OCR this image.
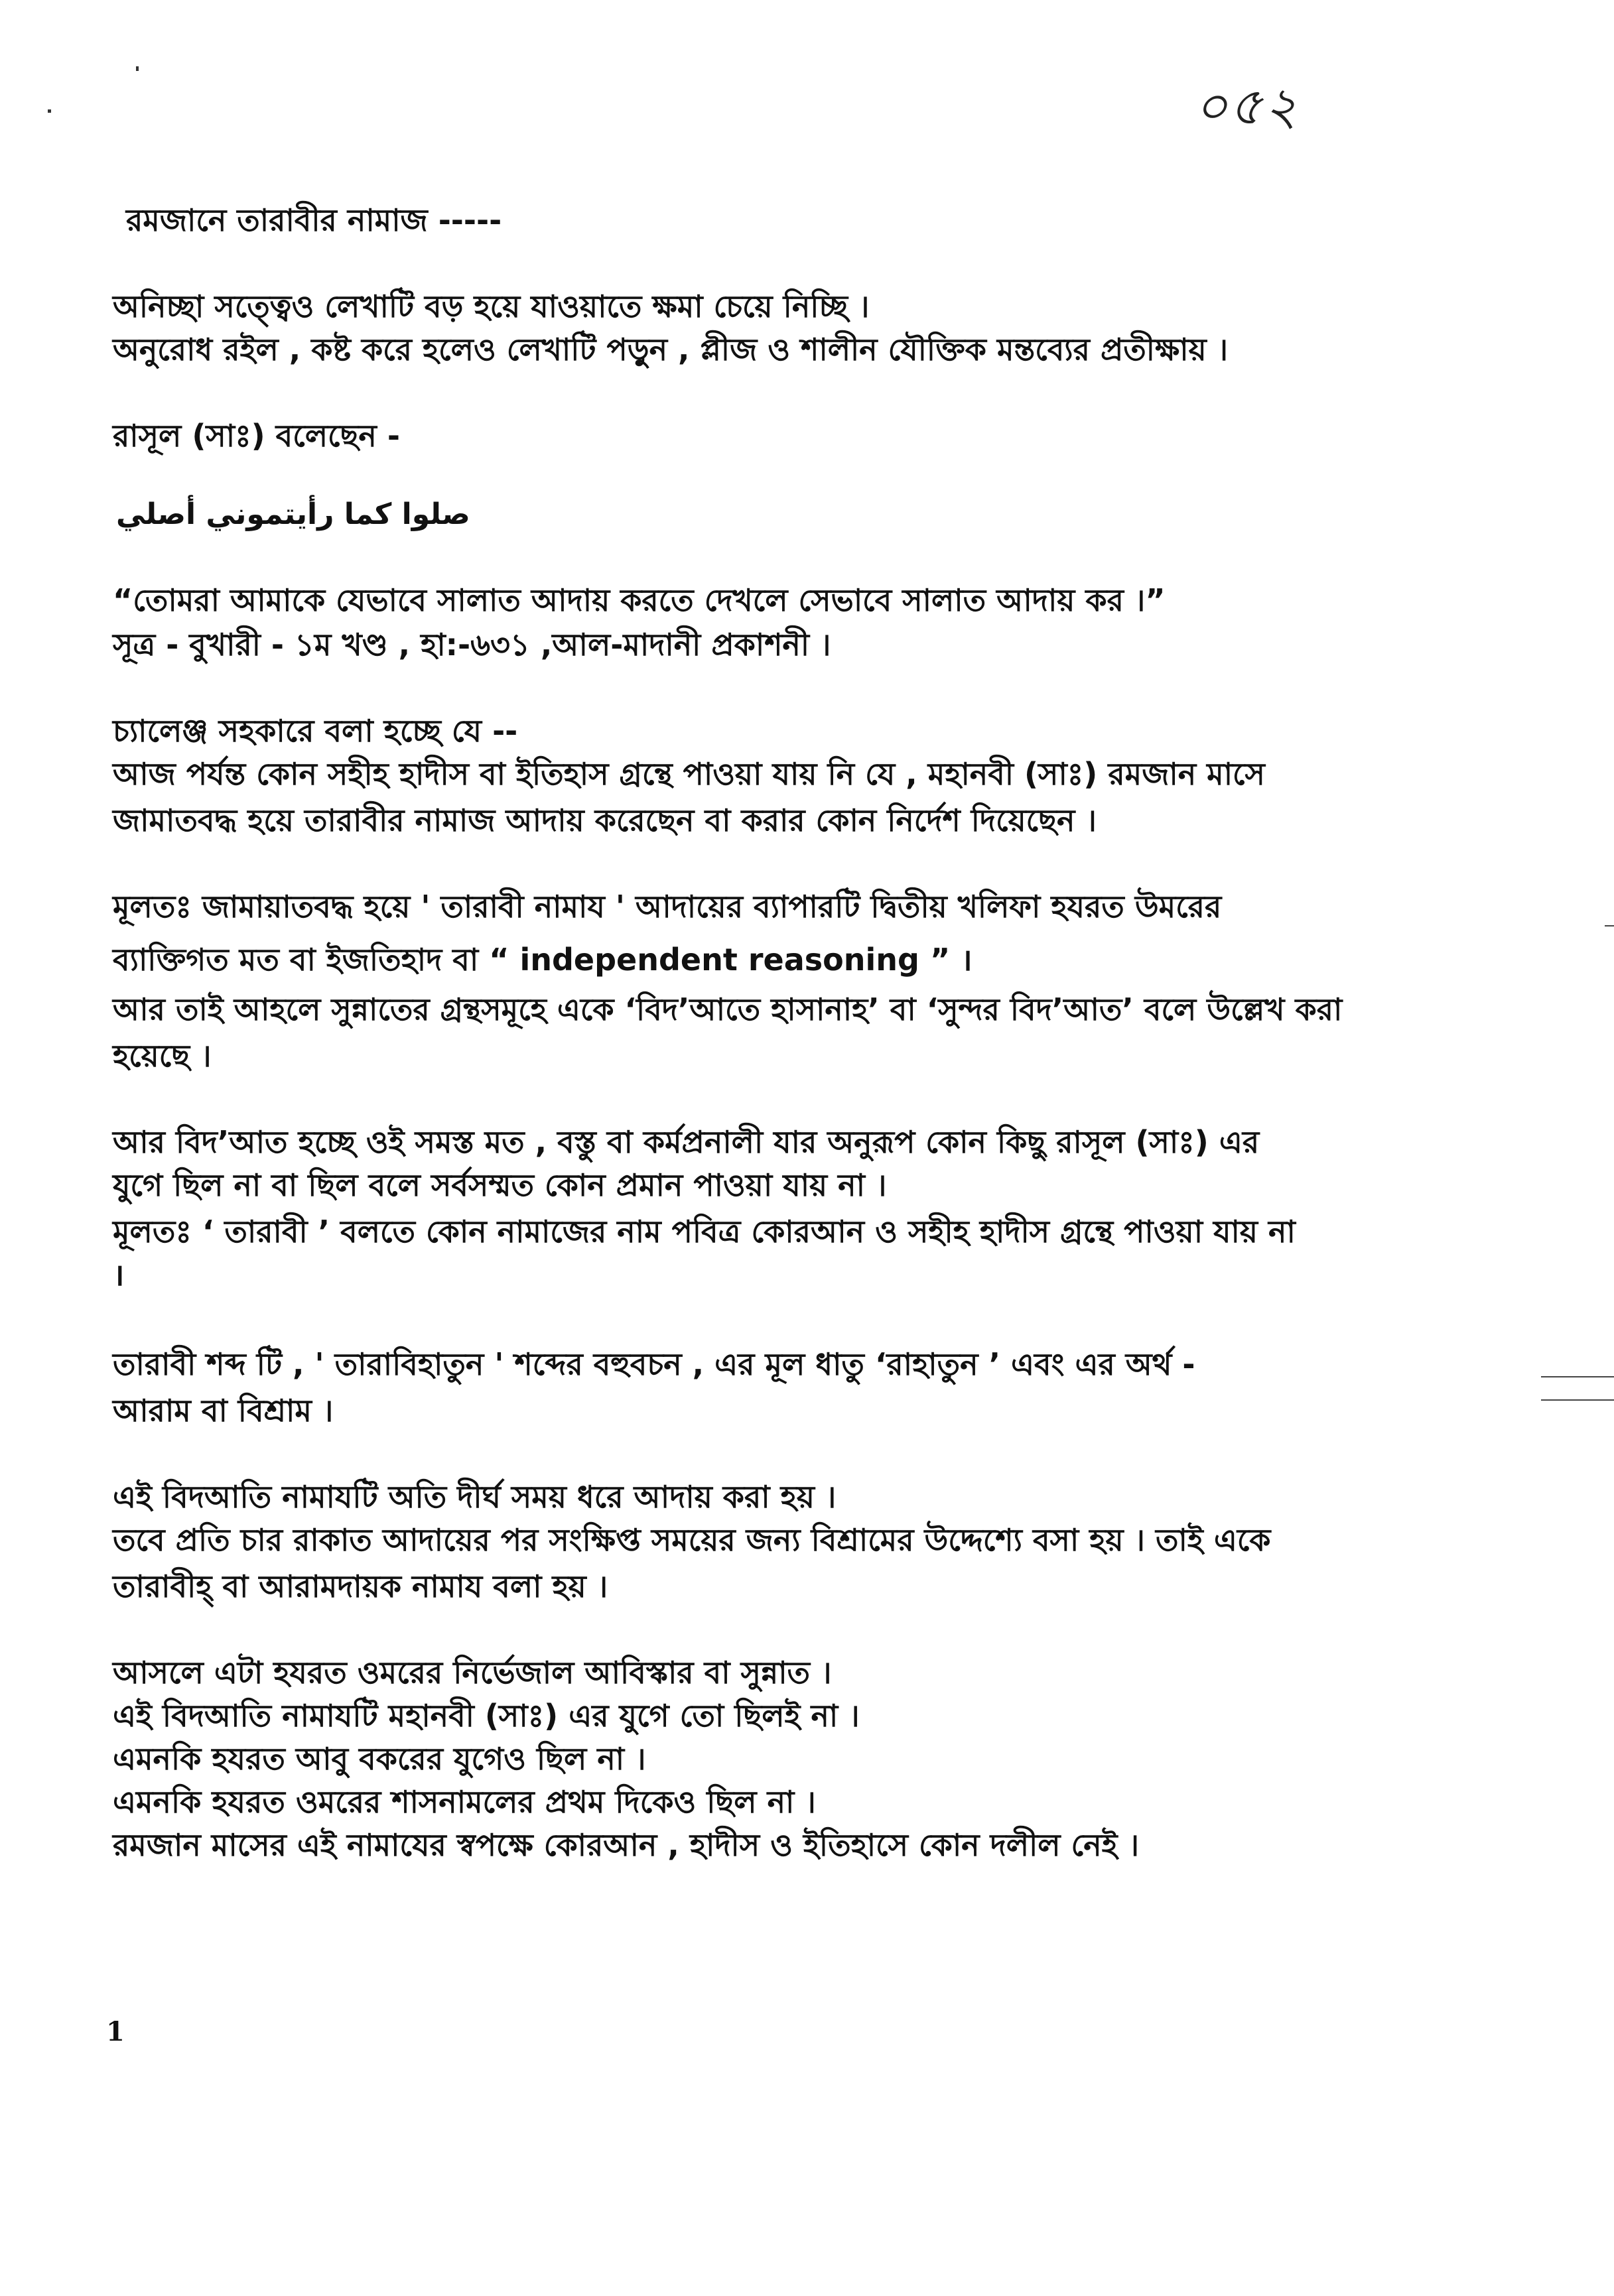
০৫২
রমজানে তারাবীর নামাজ -----
অনিচ্ছা সত্ত্বেও লেখাটি বড় হয়ে যাওয়াতে ক্ষমা চেয়ে নিচ্ছি ।
অনুরোধ রইল , কষ্ট করে হলেও লেখাটি পড়ুন , প্লীজ ও শালীন যৌক্তিক মন্তব্যের প্রতীক্ষায় ।
রাসূল (সাঃ) বলেছেন -
صلوا كما رأيتموني أصلي
“তোমরা আমাকে যেভাবে সালাত আদায় করতে দেখলে সেভাবে সালাত আদায় কর ।”
সূত্র - বুখারী - ১ম খণ্ড , হা:-৬৩১ ,আল-মাদানী প্রকাশনী ।
চ্যালেঞ্জ সহকারে বলা হচ্ছে যে --
আজ পর্যন্ত কোন সহীহ হাদীস বা ইতিহাস গ্রন্থে পাওয়া যায় নি যে , মহানবী (সাঃ) রমজান মাসে
জামাতবদ্ধ হয়ে তারাবীর নামাজ আদায় করেছেন বা করার কোন নির্দেশ দিয়েছেন ।
মূলতঃ জামায়াতবদ্ধ হয়ে ' তারাবী নামায ' আদায়ের ব্যাপারটি দ্বিতীয় খলিফা হযরত উমরের
ব্যাক্তিগত মত বা ইজতিহাদ বা “ independent reasoning ” ।
আর তাই আহলে সুন্নাতের গ্রন্থসমূহে একে ‘বিদ’আতে হাসানাহ’ বা ‘সুন্দর বিদ’আত’ বলে উল্লেখ করা
হয়েছে ।
আর বিদ’আত হচ্ছে ওই সমস্ত মত , বস্তু বা কর্মপ্রনালী যার অনুরূপ কোন কিছু রাসূল (সাঃ) এর
যুগে ছিল না বা ছিল বলে সর্বসম্মত কোন প্রমান পাওয়া যায় না ।
মূলতঃ ‘ তারাবী ’ বলতে কোন নামাজের নাম পবিত্র কোরআন ও সহীহ হাদীস গ্রন্থে পাওয়া যায় না
।
তারাবী শব্দ টি , ' তারাবিহাতুন ' শব্দের বহুবচন , এর মূল ধাতু ‘রাহাতুন ’ এবং এর অর্থ -
আরাম বা বিশ্রাম ।
এই বিদআতি নামাযটি অতি দীর্ঘ সময় ধরে আদায় করা হয় ।
তবে প্রতি চার রাকাত আদায়ের পর সংক্ষিপ্ত সময়ের জন্য বিশ্রামের উদ্দেশ্যে বসা হয় । তাই একে
তারাবীহ্‌ বা আরামদায়ক নামায বলা হয় ।
আসলে এটা হযরত ওমরের নির্ভেজাল আবিস্কার বা সুন্নাত ।
এই বিদআতি নামাযটি মহানবী (সাঃ) এর যুগে তো ছিলই না ।
এমনকি হযরত আবু বকরের যুগেও ছিল না ।
এমনকি হযরত ওমরের শাসনামলের প্রথম দিকেও ছিল না ।
রমজান মাসের এই নামাযের স্বপক্ষে কোরআন , হাদীস ও ইতিহাসে কোন দলীল নেই ।
1
